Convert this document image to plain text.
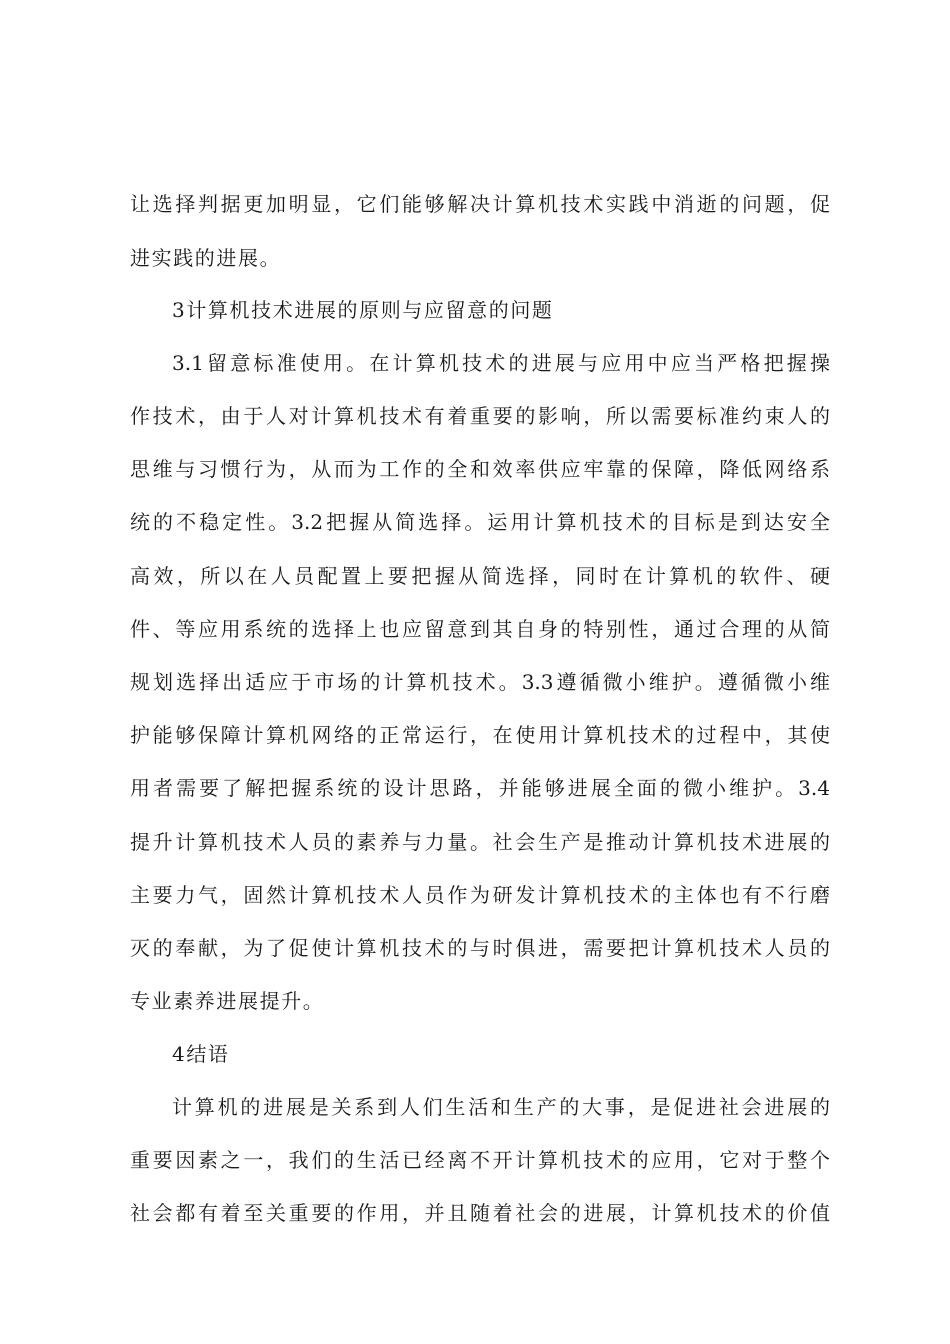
让选择判据更加明显，它们能够解决计算机技术实践中消逝的问题，促
进实践的进展。
3计算机技术进展的原则与应留意的问题
3.1留意标准使用。在计算机技术的进展与应用中应当严格把握操
作技术，由于人对计算机技术有着重要的影响，所以需要标准约束人的
思维与习惯行为，从而为工作的全和效率供应牢靠的保障，降低网络系
统的不稳定性。3.2把握从简选择。运用计算机技术的目标是到达安全
高效，所以在人员配置上要把握从简选择，同时在计算机的软件、硬
件、等应用系统的选择上也应留意到其自身的特别性，通过合理的从简
规划选择出适应于市场的计算机技术。3.3遵循微小维护。遵循微小维
护能够保障计算机网络的正常运行，在使用计算机技术的过程中，其使
用者需要了解把握系统的设计思路，并能够进展全面的微小维护。3.4
提升计算机技术人员的素养与力量。社会生产是推动计算机技术进展的
主要力气，固然计算机技术人员作为研发计算机技术的主体也有不行磨
灭的奉献，为了促使计算机技术的与时俱进，需要把计算机技术人员的
专业素养进展提升。
4结语
计算机的进展是关系到人们生活和生产的大事，是促进社会进展的
重要因素之一，我们的生活已经离不开计算机技术的应用，它对于整个
社会都有着至关重要的作用，并且随着社会的进展，计算机技术的价值
